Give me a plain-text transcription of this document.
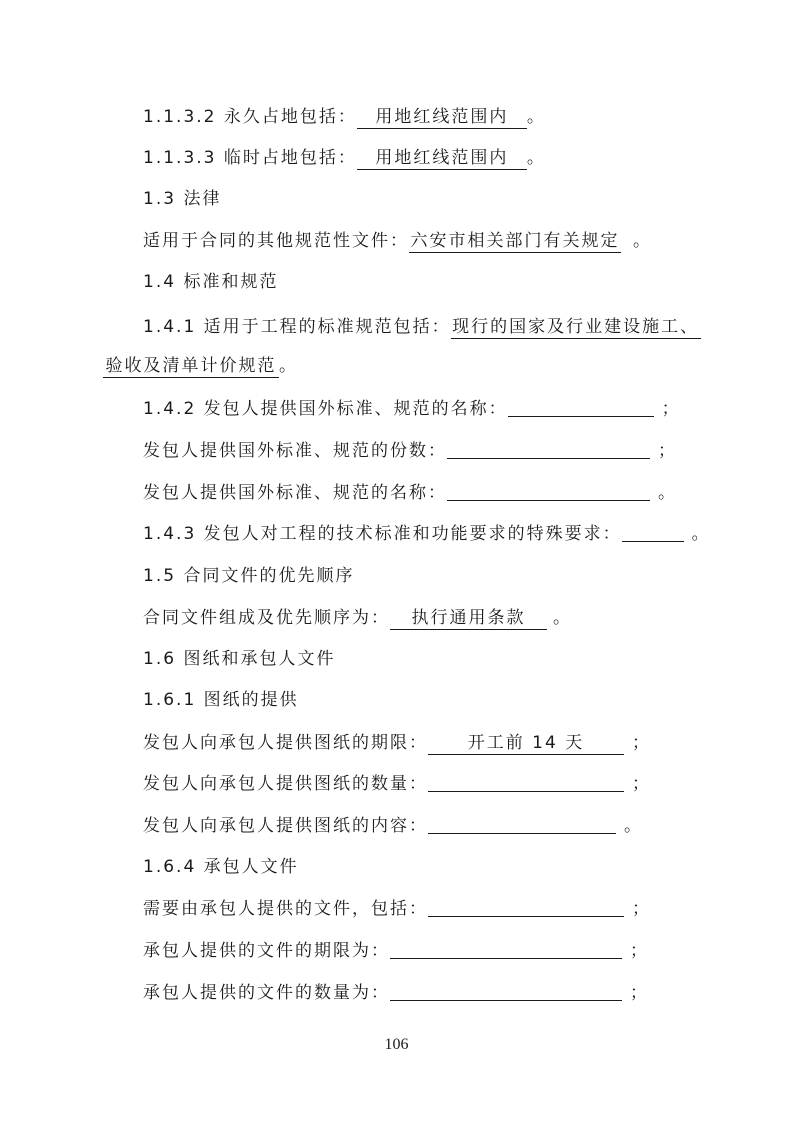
1.1.3.2 永久占地包括： 用地红线范围内 。
1.1.3.3 临时占地包括： 用地红线范围内 。
1.3 法律
适用于合同的其他规范性文件：六安市相关部门有关规定 。
1.4 标准和规范
1.4.1 适用于工程的标准规范包括：现行的国家及行业建设施工、
验收及清单计价规范 。
1.4.2 发包人提供国外标准、规范的名称：	；
发包人提供国外标准、规范的份数：	；
发包人提供国外标准、规范的名称：	。
1.4.3 发包人对工程的技术标准和功能要求的特殊要求：	。
1.5 合同文件的优先顺序
合同文件组成及优先顺序为： 执行通用条款 。
1.6 图纸和承包人文件
1.6.1 图纸的提供
发包人向承包人提供图纸的期限： 开工前 14 天	；
发包人向承包人提供图纸的数量：	；
发包人向承包人提供图纸的内容：	。
1.6.4 承包人文件
需要由承包人提供的文件，包括：	；
承包人提供的文件的期限为：	；
承包人提供的文件的数量为：	；
106
